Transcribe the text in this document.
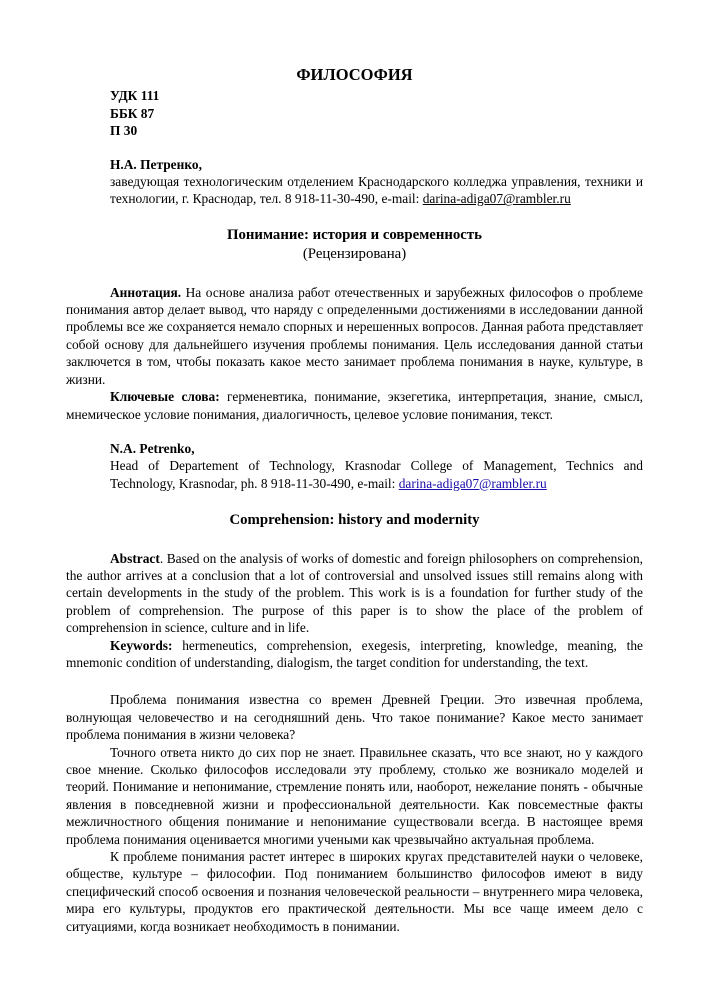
ФИЛОСОФИЯ
УДК 111
ББК 87
П 30
Н.А. Петренко,
заведующая технологическим отделением Краснодарского колледжа управления, техники и технологии, г. Краснодар, тел. 8 918-11-30-490, e-mail: darina-adiga07@rambler.ru
Понимание: история и современность
(Рецензирована)
Аннотация. На основе анализа работ отечественных и зарубежных философов о проблеме понимания автор делает вывод, что наряду с определенными достижениями в исследовании данной проблемы все же сохраняется немало спорных и нерешенных вопросов. Данная работа представляет собой основу для дальнейшего изучения проблемы понимания. Цель исследования данной статьи заключется в том, чтобы показать какое место занимает проблема понимания в науке, культуре, в жизни.
Ключевые слова: герменевтика, понимание, экзегетика, интерпретация, знание, смысл, мнемическое условие понимания, диалогичность, целевое условие понимания, текст.
N.A. Petrenko,
Head of Departement of Technology, Krasnodar College of Management, Technics and Technology, Krasnodar, ph. 8 918-11-30-490, e-mail: darina-adiga07@rambler.ru
Comprehension: history and modernity
Abstract. Based on the analysis of works of domestic and foreign philosophers on comprehension, the author arrives at a conclusion that a lot of controversial and unsolved issues still remains along with certain developments in the study of the problem. This work is is a foundation for further study of the problem of comprehension. The purpose of this paper is to show the place of the problem of comprehension in science, culture and in life.
Keywords: hermeneutics, comprehension, exegesis, interpreting, knowledge, meaning, the mnemonic condition of understanding, dialogism, the target condition for understanding, the text.
Проблема понимания известна со времен Древней Греции. Это извечная проблема, волнующая человечество и на сегодняшний день. Что такое понимание? Какое место занимает проблема понимания в жизни человека?
Точного ответа никто до сих пор не знает. Правильнее сказать, что все знают, но у каждого свое мнение. Сколько философов исследовали эту проблему, столько же возникало моделей и теорий. Понимание и непонимание, стремление понять или, наоборот, нежелание понять - обычные явления в повседневной жизни и профессиональной деятельности. Как повсеместные факты межличностного общения понимание и непонимание существовали всегда. В настоящее время проблема понимания оценивается многими учеными как чрезвычайно актуальная проблема.
К проблеме понимания растет интерес в широких кругах представителей науки о человеке, обществе, культуре – философии. Под пониманием большинство философов имеют в виду специфический способ освоения и познания человеческой реальности – внутреннего мира человека, мира его культуры, продуктов его практической деятельности. Мы все чаще имеем дело с ситуациями, когда возникает необходимость в понимании.
